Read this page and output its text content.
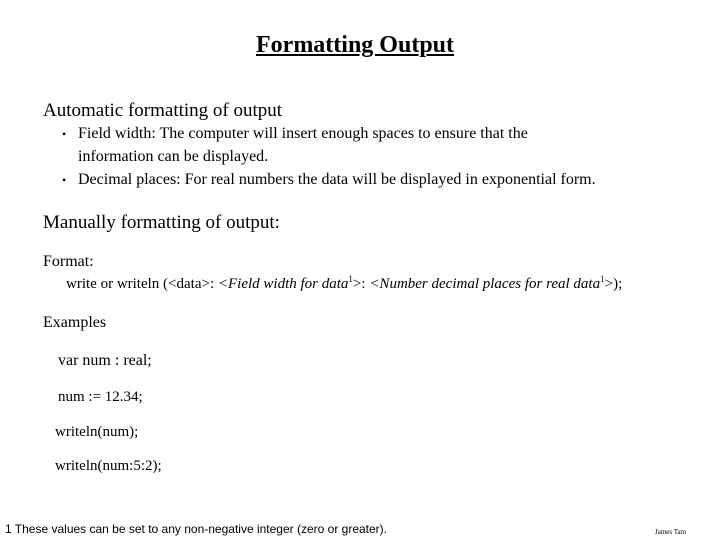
Formatting Output
Automatic formatting of output
• Field width: The computer will insert enough spaces to ensure that the
information can be displayed.
• Decimal places: For real numbers the data will be displayed in exponential form.
Manually formatting of output:
Format:
write or writeln (<data>: <Field width for data$^1$>: <Number decimal places for real data$^1$>);
Examples
var num : real;
num := 12.34;
writeln(num);
writeln(num:5:2);
1 These values can be set to any non-negative integer (zero or greater).	James Tam
